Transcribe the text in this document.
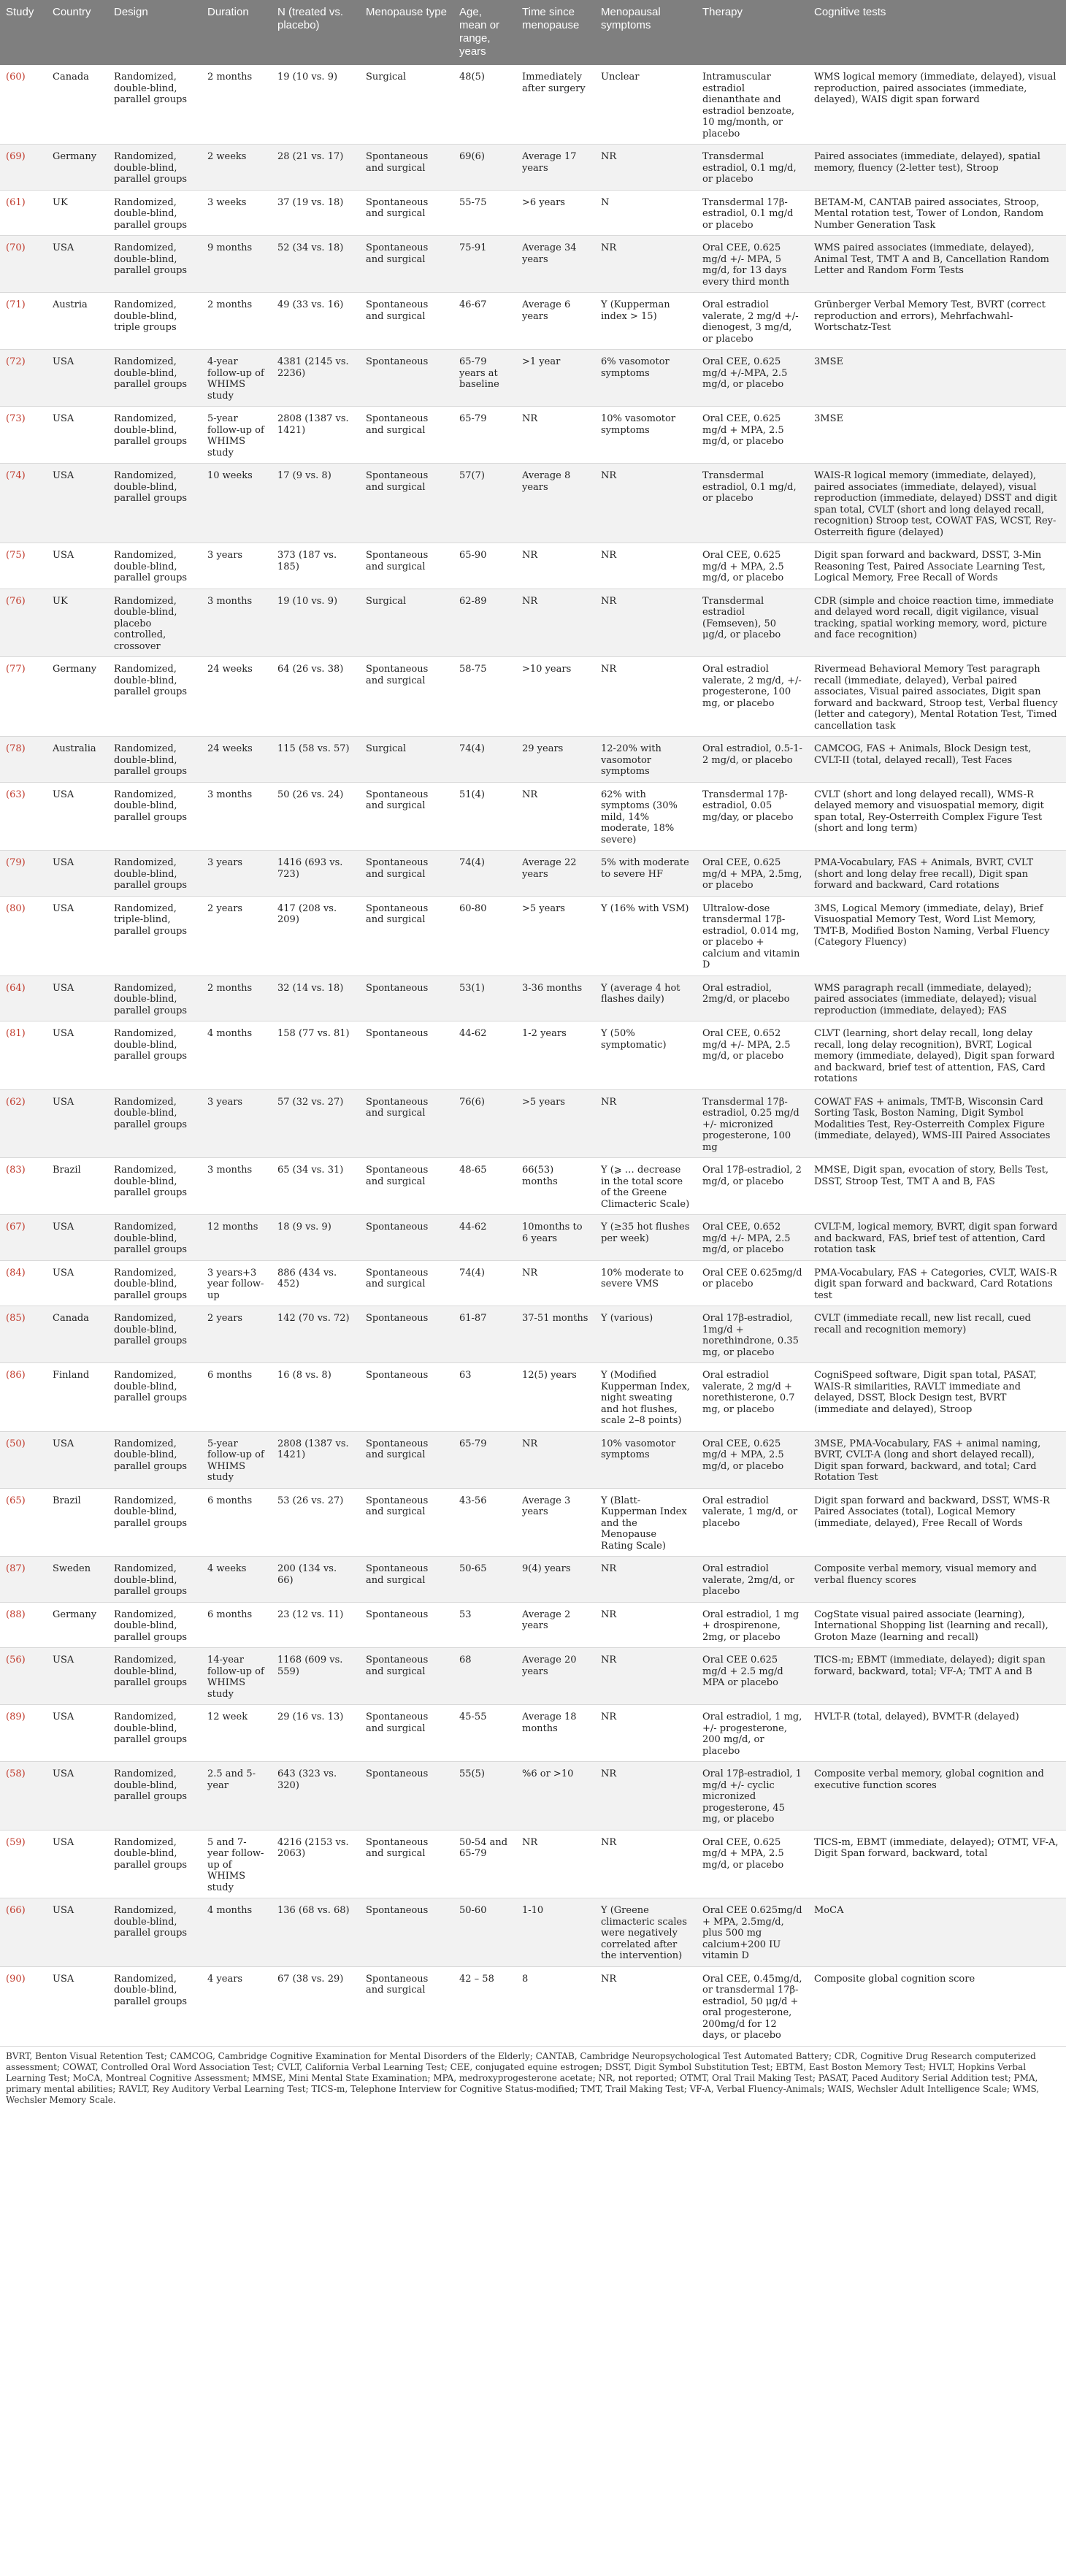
Study	Country	Design	Duration	N (treated vs. placebo)	Menopause type	Age, mean or range, years	Time since menopause	Menopausal symptoms	Therapy	Cognitive tests
(60)	Canada	Randomized, double-blind, parallel groups	2 months	19 (10 vs. 9)	Surgical	48(5)	Immediately after surgery	Unclear	Intramuscular estradiol dienanthate and estradiol benzoate, 10 mg/month, or placebo	WMS logical memory (immediate, delayed), visual reproduction, paired associates (immediate, delayed), WAIS digit span forward
(69)	Germany	Randomized, double-blind, parallel groups	2 weeks	28 (21 vs. 17)	Spontaneous and surgical	69(6)	Average 17 years	NR	Transdermal estradiol, 0.1 mg/d, or placebo	Paired associates (immediate, delayed), spatial memory, fluency (2-letter test), Stroop
(61)	UK	Randomized, double-blind, parallel groups	3 weeks	37 (19 vs. 18)	Spontaneous and surgical	55-75	>6 years	N	Transdermal 17β-estradiol, 0.1 mg/d or placebo	BETAM-M, CANTAB paired associates, Stroop, Mental rotation test, Tower of London, Random Number Generation Task
(70)	USA	Randomized, double-blind, parallel groups	9 months	52 (34 vs. 18)	Spontaneous and surgical	75-91	Average 34 years	NR	Oral CEE, 0.625 mg/d +/- MPA, 5 mg/d, for 13 days every third month	WMS paired associates (immediate, delayed), Animal Test, TMT A and B, Cancellation Random Letter and Random Form Tests
(71)	Austria	Randomized, double-blind, triple groups	2 months	49 (33 vs. 16)	Spontaneous and surgical	46-67	Average 6 years	Y (Kupperman index > 15)	Oral estradiol valerate, 2 mg/d +/- dienogest, 3 mg/d, or placebo	Grünberger Verbal Memory Test, BVRT (correct reproduction and errors), Mehrfachwahl-Wortschatz-Test
(72)	USA	Randomized, double-blind, parallel groups	4-year follow-up of WHIMS study	4381 (2145 vs. 2236)	Spontaneous	65-79 years at baseline	>1 year	6% vasomotor symptoms	Oral CEE, 0.625 mg/d +/-MPA, 2.5 mg/d, or placebo	3MSE
(73)	USA	Randomized, double-blind, parallel groups	5-year follow-up of WHIMS study	2808 (1387 vs. 1421)	Spontaneous and surgical	65-79	NR	10% vasomotor symptoms	Oral CEE, 0.625 mg/d + MPA, 2.5 mg/d, or placebo	3MSE
(74)	USA	Randomized, double-blind, parallel groups	10 weeks	17 (9 vs. 8)	Spontaneous and surgical	57(7)	Average 8 years	NR	Transdermal estradiol, 0.1 mg/d, or placebo	WAIS-R logical memory (immediate, delayed), paired associates (immediate, delayed), visual reproduction (immediate, delayed) DSST and digit span total, CVLT (short and long delayed recall, recognition) Stroop test, COWAT FAS, WCST, Rey-Osterreith figure (delayed)
(75)	USA	Randomized, double-blind, parallel groups	3 years	373 (187 vs. 185)	Spontaneous and surgical	65-90	NR	NR	Oral CEE, 0.625 mg/d + MPA, 2.5 mg/d, or placebo	Digit span forward and backward, DSST, 3-Min Reasoning Test, Paired Associate Learning Test, Logical Memory, Free Recall of Words
(76)	UK	Randomized, double-blind, placebo controlled, crossover	3 months	19 (10 vs. 9)	Surgical	62-89	NR	NR	Transdermal estradiol (Femseven), 50 μg/d, or placebo	CDR (simple and choice reaction time, immediate and delayed word recall, digit vigilance, visual tracking, spatial working memory, word, picture and face recognition)
(77)	Germany	Randomized, double-blind, parallel groups	24 weeks	64 (26 vs. 38)	Spontaneous and surgical	58-75	>10 years	NR	Oral estradiol valerate, 2 mg/d, +/- progesterone, 100 mg, or placebo	Rivermead Behavioral Memory Test paragraph recall (immediate, delayed), Verbal paired associates, Visual paired associates, Digit span forward and backward, Stroop test, Verbal fluency (letter and category), Mental Rotation Test, Timed cancellation task
(78)	Australia	Randomized, double-blind, parallel groups	24 weeks	115 (58 vs. 57)	Surgical	74(4)	29 years	12-20% with vasomotor symptoms	Oral estradiol, 0.5-1-2 mg/d, or placebo	CAMCOG, FAS + Animals, Block Design test, CVLT-II (total, delayed recall), Test Faces
(63)	USA	Randomized, double-blind, parallel groups	3 months	50 (26 vs. 24)	Spontaneous and surgical	51(4)	NR	62% with symptoms (30% mild, 14% moderate, 18% severe)	Transdermal 17β-estradiol, 0.05 mg/day, or placebo	CVLT (short and long delayed recall), WMS-R delayed memory and visuospatial memory, digit span total, Rey-Osterreith Complex Figure Test (short and long term)
(79)	USA	Randomized, double-blind, parallel groups	3 years	1416 (693 vs. 723)	Spontaneous and surgical	74(4)	Average 22 years	5% with moderate to severe HF	Oral CEE, 0.625 mg/d + MPA, 2.5mg, or placebo	PMA-Vocabulary, FAS + Animals, BVRT, CVLT (short and long delay free recall), Digit span forward and backward, Card rotations
(80)	USA	Randomized, triple-blind, parallel groups	2 years	417 (208 vs. 209)	Spontaneous and surgical	60-80	>5 years	Y (16% with VSM)	Ultralow-dose transdermal 17β-estradiol, 0.014 mg, or placebo + calcium and vitamin D	3MS, Logical Memory (immediate, delay), Brief Visuospatial Memory Test, Word List Memory, TMT-B, Modified Boston Naming, Verbal Fluency (Category Fluency)
(64)	USA	Randomized, double-blind, parallel groups	2 months	32 (14 vs. 18)	Spontaneous	53(1)	3-36 months	Y (average 4 hot flashes daily)	Oral estradiol, 2mg/d, or placebo	WMS paragraph recall (immediate, delayed); paired associates (immediate, delayed); visual reproduction (immediate, delayed); FAS
(81)	USA	Randomized, double-blind, parallel groups	4 months	158 (77 vs. 81)	Spontaneous	44-62	1-2 years	Y (50% symptomatic)	Oral CEE, 0.652 mg/d +/- MPA, 2.5 mg/d, or placebo	CLVT (learning, short delay recall, long delay recall, long delay recognition), BVRT, Logical memory (immediate, delayed), Digit span forward and backward, brief test of attention, FAS, Card rotations
(62)	USA	Randomized, double-blind, parallel groups	3 years	57 (32 vs. 27)	Spontaneous and surgical	76(6)	>5 years	NR	Transdermal 17β-estradiol, 0.25 mg/d +/- micronized progesterone, 100 mg	COWAT FAS + animals, TMT-B, Wisconsin Card Sorting Task, Boston Naming, Digit Symbol Modalities Test, Rey-Osterreith Complex Figure (immediate, delayed), WMS-III Paired Associates
(83)	Brazil	Randomized, double-blind, parallel groups	3 months	65 (34 vs. 31)	Spontaneous and surgical	48-65	66(53) months	Y (⩾ … decrease in the total score of the Greene Climacteric Scale)	Oral 17β-estradiol, 2 mg/d, or placebo	MMSE, Digit span, evocation of story, Bells Test, DSST, Stroop Test, TMT A and B, FAS
(67)	USA	Randomized, double-blind, parallel groups	12 months	18 (9 vs. 9)	Spontaneous	44-62	10months to 6 years	Y (≥35 hot flushes per week)	Oral CEE, 0.652 mg/d +/- MPA, 2.5 mg/d, or placebo	CVLT-M, logical memory, BVRT, digit span forward and backward, FAS, brief test of attention, Card rotation task
(84)	USA	Randomized, double-blind, parallel groups	3 years+3 year follow-up	886 (434 vs. 452)	Spontaneous and surgical	74(4)	NR	10% moderate to severe VMS	Oral CEE 0.625mg/d or placebo	PMA-Vocabulary, FAS + Categories, CVLT, WAIS-R digit span forward and backward, Card Rotations test
(85)	Canada	Randomized, double-blind, parallel groups	2 years	142 (70 vs. 72)	Spontaneous	61-87	37-51 months	Y (various)	Oral 17β-estradiol, 1mg/d + norethindrone, 0.35 mg, or placebo	CVLT (immediate recall, new list recall, cued recall and recognition memory)
(86)	Finland	Randomized, double-blind, parallel groups	6 months	16 (8 vs. 8)	Spontaneous	63	12(5) years	Y (Modified Kupperman Index, night sweating and hot flushes, scale 2–8 points)	Oral estradiol valerate, 2 mg/d + norethisterone, 0.7 mg, or placebo	CogniSpeed software, Digit span total, PASAT, WAIS-R similarities, RAVLT immediate and delayed, DSST, Block Design test, BVRT (immediate and delayed), Stroop
(50)	USA	Randomized, double-blind, parallel groups	5-year follow-up of WHIMS study	2808 (1387 vs. 1421)	Spontaneous and surgical	65-79	NR	10% vasomotor symptoms	Oral CEE, 0.625 mg/d + MPA, 2.5 mg/d, or placebo	3MSE, PMA-Vocabulary, FAS + animal naming, BVRT, CVLT-A (long and short delayed recall), Digit span forward, backward, and total; Card Rotation Test
(65)	Brazil	Randomized, double-blind, parallel groups	6 months	53 (26 vs. 27)	Spontaneous and surgical	43-56	Average 3 years	Y (Blatt-Kupperman Index and the Menopause Rating Scale)	Oral estradiol valerate, 1 mg/d, or placebo	Digit span forward and backward, DSST, WMS-R Paired Associates (total), Logical Memory (immediate, delayed), Free Recall of Words
(87)	Sweden	Randomized, double-blind, parallel groups	4 weeks	200 (134 vs. 66)	Spontaneous and surgical	50-65	9(4) years	NR	Oral estradiol valerate, 2mg/d, or placebo	Composite verbal memory, visual memory and verbal fluency scores
(88)	Germany	Randomized, double-blind, parallel groups	6 months	23 (12 vs. 11)	Spontaneous	53	Average 2 years	NR	Oral estradiol, 1 mg + drospirenone, 2mg, or placebo	CogState visual paired associate (learning), International Shopping list (learning and recall), Groton Maze (learning and recall)
(56)	USA	Randomized, double-blind, parallel groups	14-year follow-up of WHIMS study	1168 (609 vs. 559)	Spontaneous and surgical	68	Average 20 years	NR	Oral CEE 0.625 mg/d + 2.5 mg/d MPA or placebo	TICS-m; EBMT (immediate, delayed); digit span forward, backward, total; VF-A; TMT A and B
(89)	USA	Randomized, double-blind, parallel groups	12 week	29 (16 vs. 13)	Spontaneous and surgical	45-55	Average 18 months	NR	Oral estradiol, 1 mg, +/- progesterone, 200 mg/d, or placebo	HVLT-R (total, delayed), BVMT-R (delayed)
(58)	USA	Randomized, double-blind, parallel groups	2.5 and 5-year	643 (323 vs. 320)	Spontaneous	55(5)	%6 or >10	NR	Oral 17β-estradiol, 1 mg/d +/- cyclic micronized progesterone, 45 mg, or placebo	Composite verbal memory, global cognition and executive function scores
(59)	USA	Randomized, double-blind, parallel groups	5 and 7-year follow-up of WHIMS study	4216 (2153 vs. 2063)	Spontaneous and surgical	50-54 and 65-79	NR	NR	Oral CEE, 0.625 mg/d + MPA, 2.5 mg/d, or placebo	TICS-m, EBMT (immediate, delayed); OTMT, VF-A, Digit Span forward, backward, total
(66)	USA	Randomized, double-blind, parallel groups	4 months	136 (68 vs. 68)	Spontaneous	50-60	1-10	Y (Greene climacteric scales were negatively correlated after the intervention)	Oral CEE 0.625mg/d + MPA, 2.5mg/d, plus 500 mg calcium+200 IU vitamin D	MoCA
(90)	USA	Randomized, double-blind, parallel groups	4 years	67 (38 vs. 29)	Spontaneous and surgical	42 – 58	8	NR	Oral CEE, 0.45mg/d, or transdermal 17β-estradiol, 50 μg/d + oral progesterone, 200mg/d for 12 days, or placebo	Composite global cognition score
BVRT, Benton Visual Retention Test; CAMCOG, Cambridge Cognitive Examination for Mental Disorders of the Elderly; CANTAB, Cambridge Neuropsychological Test Automated Battery; CDR, Cognitive Drug Research computerized assessment; COWAT, Controlled Oral Word Association Test; CVLT, California Verbal Learning Test; CEE, conjugated equine estrogen; DSST, Digit Symbol Substitution Test; EBTM, East Boston Memory Test; HVLT, Hopkins Verbal Learning Test; MoCA, Montreal Cognitive Assessment; MMSE, Mini Mental State Examination; MPA, medroxyprogesterone acetate; NR, not reported; OTMT, Oral Trail Making Test; PASAT, Paced Auditory Serial Addition test; PMA, primary mental abilities; RAVLT, Rey Auditory Verbal Learning Test; TICS-m, Telephone Interview for Cognitive Status-modified; TMT, Trail Making Test; VF-A, Verbal Fluency-Animals; WAIS, Wechsler Adult Intelligence Scale; WMS, Wechsler Memory Scale.
